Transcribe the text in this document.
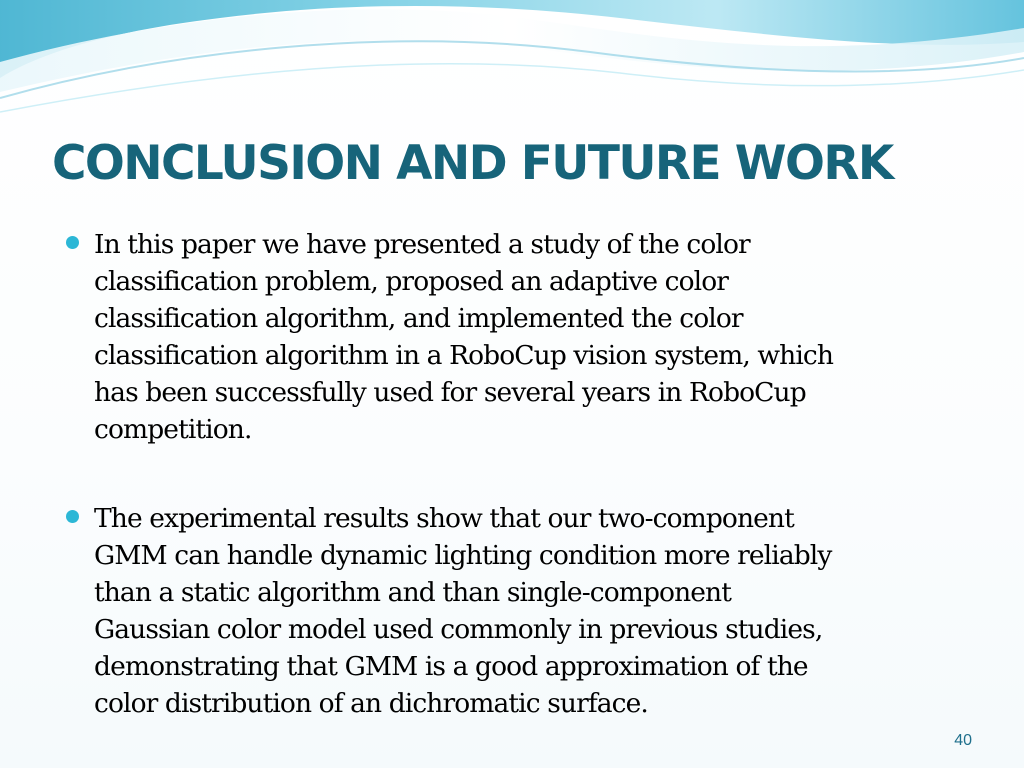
CONCLUSION AND FUTURE WORK
In this paper we have presented a study of the color
classification problem, proposed an adaptive color
classification algorithm, and implemented the color
classification algorithm in a RoboCup vision system, which
has been successfully used for several years in RoboCup
competition.
The experimental results show that our two-component
GMM can handle dynamic lighting condition more reliably
than a static algorithm and than single-component
Gaussian color model used commonly in previous studies,
demonstrating that GMM is a good approximation of the
color distribution of an dichromatic surface.
40
